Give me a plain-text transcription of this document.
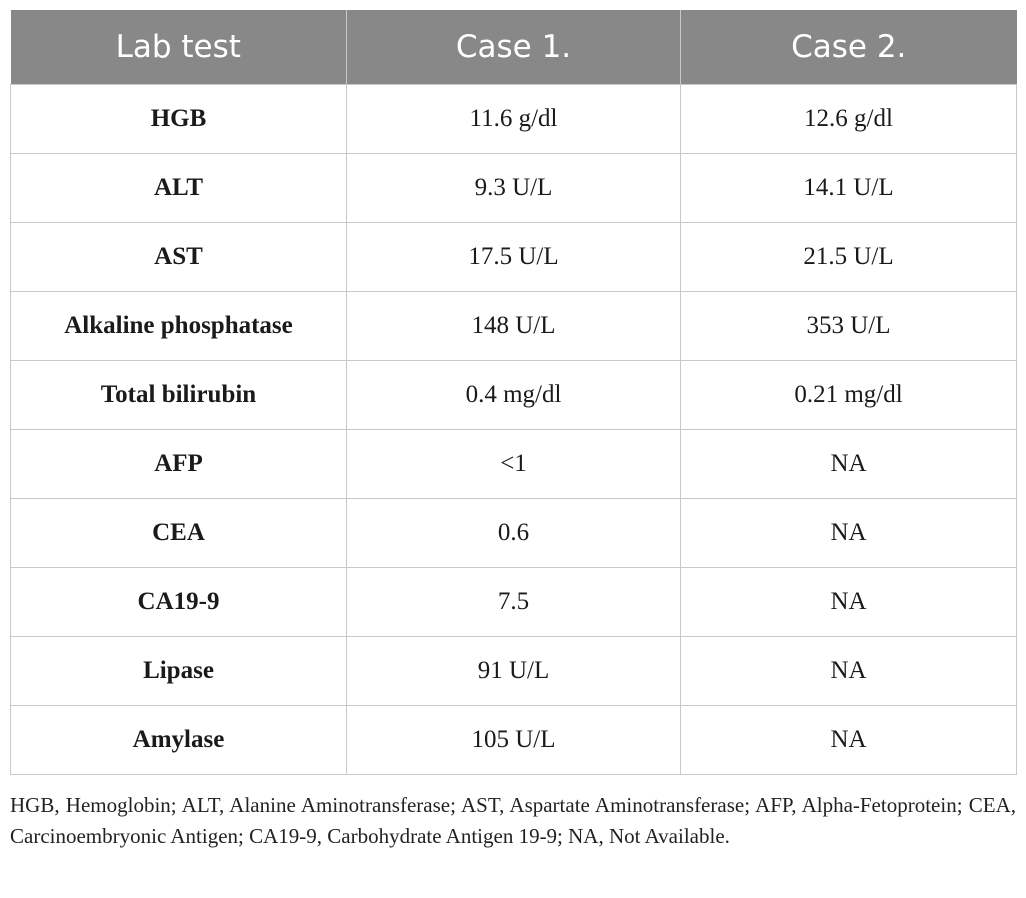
Lab test	Case 1.	Case 2.
HGB	11.6 g/dl	12.6 g/dl
ALT	9.3 U/L	14.1 U/L
AST	17.5 U/L	21.5 U/L
Alkaline phosphatase	148 U/L	353 U/L
Total bilirubin	0.4 mg/dl	0.21 mg/dl
AFP	<1	NA
CEA	0.6	NA
CA19-9	7.5	NA
Lipase	91 U/L	NA
Amylase	105 U/L	NA

HGB, Hemoglobin; ALT, Alanine Aminotransferase; AST, Aspartate Aminotransferase; AFP, Alpha-Fetoprotein; CEA, Carcinoembryonic Antigen; CA19-9, Carbohydrate Antigen 19-9; NA, Not Available.
